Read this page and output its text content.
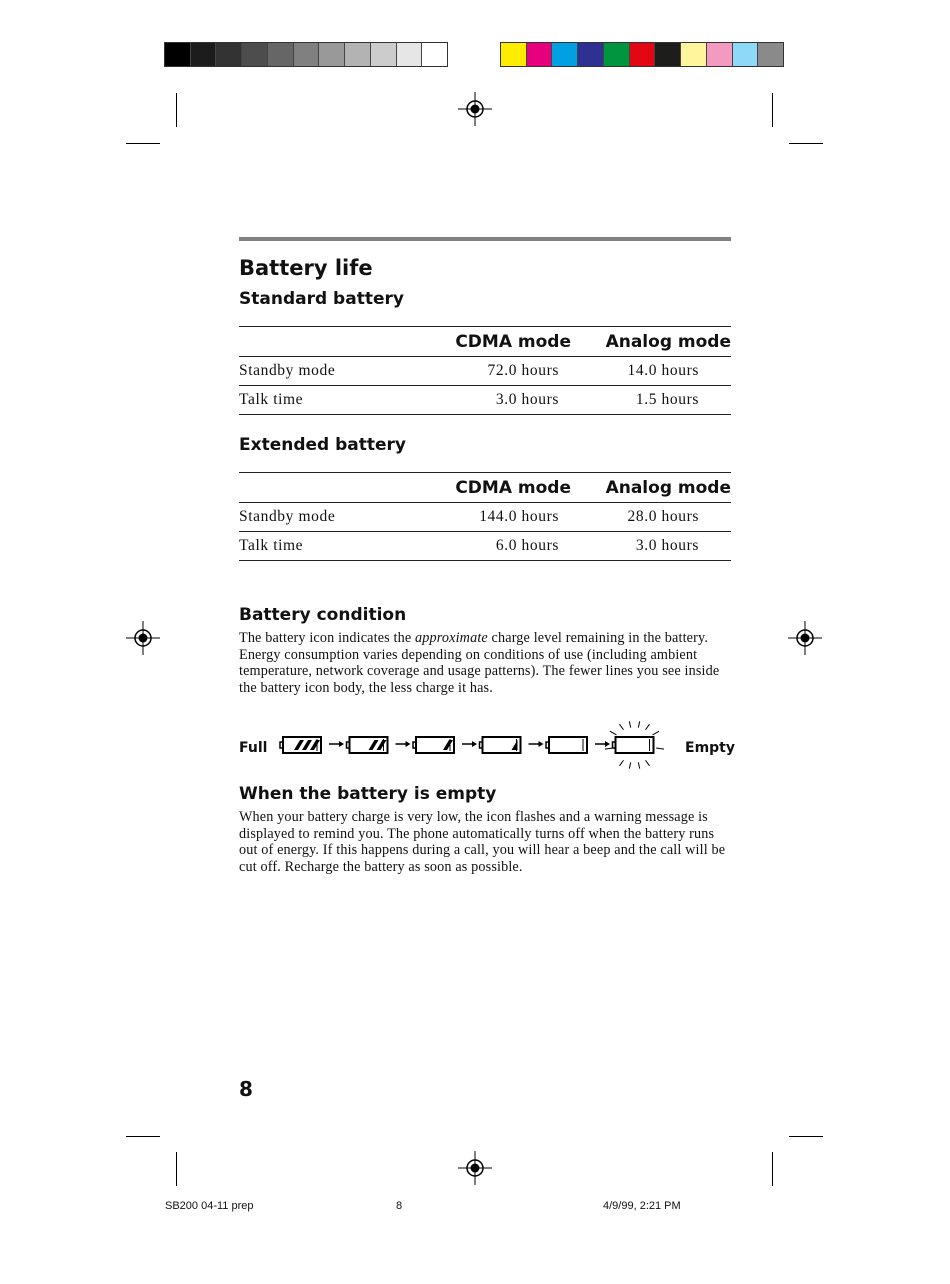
Battery life
Standard battery
	CDMA mode	Analog mode
Standby mode	72.0 hours	14.0 hours
Talk time	3.0 hours	1.5 hours
Extended battery
	CDMA mode	Analog mode
Standby mode	144.0 hours	28.0 hours
Talk time	6.0 hours	3.0 hours
Battery condition

The battery icon indicates the approximate charge level remaining in the battery. Energy consumption varies depending on conditions of use (including ambient temperature, network coverage and usage patterns). The fewer lines you see inside the battery icon body, the less charge it has.

Full	Empty
When the battery is empty

When your battery charge is very low, the icon flashes and a warning message is displayed to remind you. The phone automatically turns off when the battery runs out of energy. If this happens during a call, you will hear a beep and the call will be cut off. Recharge the battery as soon as possible.

8
SB200 04-11 prep	8	4/9/99, 2:21 PM
